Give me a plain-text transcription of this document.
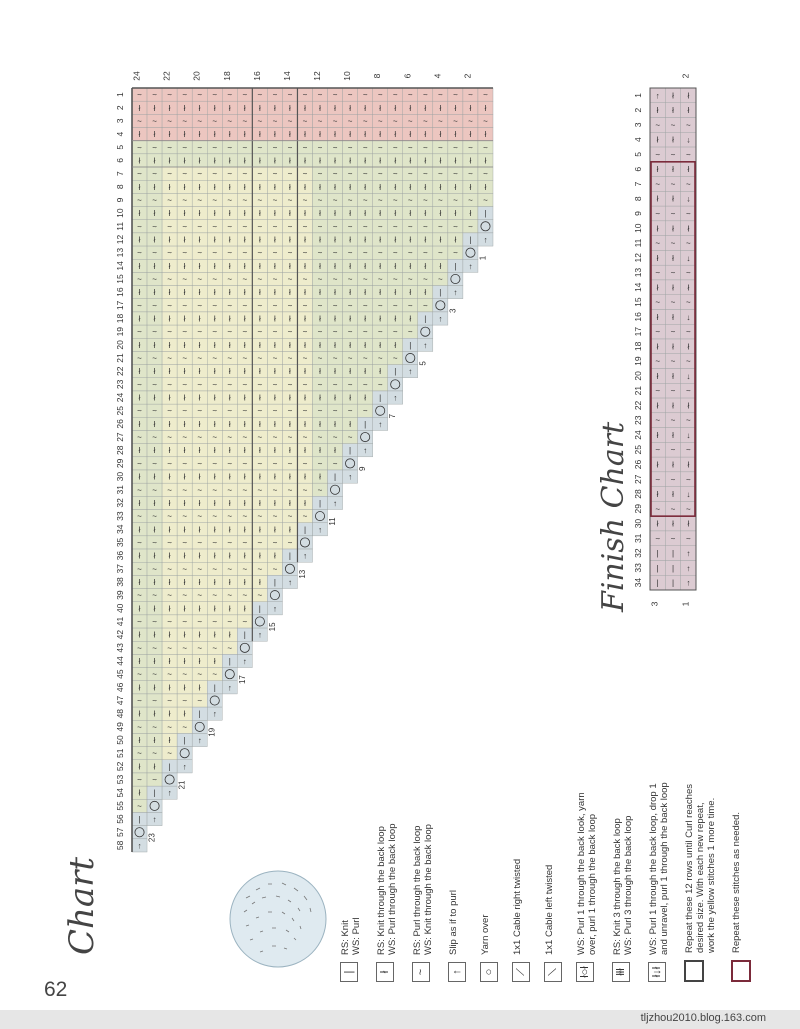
~
ł
~
ł
~
ł
~
ł
~
ł
~
ł
~
ł
~
ł
~
ł
~
ł
~
ł
~
ł
~
ł
~
ł
~
ł
~
ł
~
ł
~
ł
~
ł
~
ł
~
ł
~
ł
~
ł
~
ł
~
ł
~
ł
~
ł
~
|
↑
~
ł
~
ł
~
ł
~
ł
~
ł
~
ł
~
ł
~
ł
~
ł
~
ł
~
ł
~
ł
~
ł
~
ł
~
ł
~
ł
~
ł
~
ł
~
ł
~
ł
~
ł
~
ł
~
ł
~
ł
~
ł
~
ł
~
|
↑
~
ł
~
ł
~
ł
~
ł
~
ł
~
ł
~
ł
~
ł
~
ł
~
ł
~
ł
~
ł
~
ł
~
ł
~
ł
~
ł
~
ł
~
ł
~
ł
~
ł
~
ł
~
ł
~
ł
~
ł
~
ł
~
|
↑
~
ł
~
ł
~
ł
~
ł
~
ł
~
ł
~
ł
~
ł
~
ł
~
ł
~
ł
~
ł
~
ł
~
ł
~
ł
~
ł
~
ł
~
ł
~
ł
~
ł
~
ł
~
ł
~
ł
~
ł
~
|
↑
~
ł
~
ł
~
ł
~
ł
~
ł
~
ł
~
ł
~
ł
~
ł
~
ł
~
ł
~
ł
~
ł
~
ł
~
ł
~
ł
~
ł
~
ł
~
ł
~
ł
~
ł
~
ł
~
ł
~
|
↑
~
ł
~
ł
~
ł
~
ł
~
ł
~
ł
~
ł
~
ł
~
ł
~
ł
~
ł
~
ł
~
ł
~
ł
~
ł
~
ł
~
ł
~
ł
~
ł
~
ł
~
ł
~
ł
~
|
↑
~
ł
~
ł
~
ł
~
ł
~
ł
~
ł
~
ł
~
ł
~
ł
~
ł
~
ł
~
ł
~
ł
~
ł
~
ł
~
ł
~
ł
~
ł
~
ł
~
ł
~
ł
~
|
↑
~
ł
~
ł
~
ł
~
ł
~
ł
~
ł
~
ł
~
ł
~
ł
~
ł
~
ł
~
ł
~
ł
~
ł
~
ł
~
ł
~
ł
~
ł
~
ł
~
ł
~
|
↑
~
ł
~
ł
~
ł
~
ł
~
ł
~
ł
~
ł
~
ł
~
ł
~
ł
~
ł
~
ł
~
ł
~
ł
~
ł
~
ł
~
ł
~
ł
~
ł
~
|
↑
~
ł
~
ł
~
ł
~
ł
~
ł
~
ł
~
ł
~
ł
~
ł
~
ł
~
ł
~
ł
~
ł
~
ł
~
ł
~
ł
~
ł
~
ł
~
|
↑
~
ł
~
ł
~
ł
~
ł
~
ł
~
ł
~
ł
~
ł
~
ł
~
ł
~
ł
~
ł
~
ł
~
ł
~
ł
~
ł
~
ł
~
|
↑
~
ł
~
ł
~
ł
~
ł
~
ł
~
ł
~
ł
~
ł
~
ł
~
ł
~
ł
~
ł
~
ł
~
ł
~
ł
~
ł
~
|
↑
~
ł
~
ł
~
ł
~
ł
~
ł
~
ł
~
ł
~
ł
~
ł
~
ł
~
ł
~
ł
~
ł
~
ł
~
ł
~
|
↑
~
ł
~
ł
~
ł
~
ł
~
ł
~
ł
~
ł
~
ł
~
ł
~
ł
~
ł
~
ł
~
ł
~
ł
~
|
↑
~
ł
~
ł
~
ł
~
ł
~
ł
~
ł
~
ł
~
ł
~
ł
~
ł
~
ł
~
ł
~
ł
~
|
↑
~
ł
~
ł
~
ł
~
ł
~
ł
~
ł
~
ł
~
ł
~
ł
~
ł
~
ł
~
ł
~
|
↑
~
ł
~
ł
~
ł
~
ł
~
ł
~
ł
~
ł
~
ł
~
ł
~
ł
~
ł
~
|
↑
~
ł
~
ł
~
ł
~
ł
~
ł
~
ł
~
ł
~
ł
~
ł
~
ł
~
|
↑
~
ł
~
ł
~
ł
~
ł
~
ł
~
ł
~
ł
~
ł
~
ł
~
|
↑
~
ł
~
ł
~
ł
~
ł
~
ł
~
ł
~
ł
~
ł
~
|
↑
~
ł
~
ł
~
ł
~
ł
~
ł
~
ł
~
ł
~
|
↑
~
ł
~
ł
~
ł
~
ł
~
ł
~
ł
~
|
↑
~
ł
~
ł
~
ł
~
ł
~
ł
~
|
↑
~
ł
~
ł
~
ł
~
ł
~
|
↑
58
57
56
55
54
53
52
51
50
49
48
47
46
45
44
43
42
41
40
39
38
37
36
35
34
33
32
31
30
29
28
27
26
25
24
23
22
21
20
19
18
17
16
15
14
13
12
11
10
9
8
7
6
5
4
3
2
1
24 22 20 18 16 14 12 10 8 6 4 2
1
3
5
7
9
11
13
15
17
19
21
23
↑
ł
~
ł
~
ł
~
ł
~
ł
~
ł
~
ł
~
ł
~
ł
~
ł
~
ł
~
ł
~
ł
~
ł
~
ł
~
|
|
|
ł
ł
~
ł
~
ł
~
ł
~
ł
~
ł
~
ł
~
ł
~
ł
~
ł
~
ł
~
ł
~
ł
~
ł
~
ł
~
|
|
|
ł
ł
~
↓
~
ł
~
↓
~
ł
~
↓
~
ł
~
↓
~
ł
~
↓
~
ł
~
↓
~
ł
~
↓
~
ł
~
↑
↑
↑
34
33
32
31
30
29
28
27
26
25
24
23
22
21
20
19
18
17
16
15
14
13
12
11
10
9
8
7
6
5
4
3
2
1
2
3 1
Chart
Finish Chart
|
RS: Knit
WS: Purl
ł
RS: Knit through the back loop
WS: Purl through the back loop
~
RS: Purl through the back loop
WS: Knit through the back loop
↑
Slip as if to purl
○
Yarn over
⟋
1x1 Cable right twisted
⟍
1x1 Cable left twisted
ł○ł
WS: Purl 1 through the back look, yarn
over, purl 1 through the back loop
łłł
RS: Knit 3 through the back loop
WS: Purl 3 through the back loop
ł↓ł
WS: Purl 1 through the back loop, drop 1
and unravel, purl 1 through the back loop
Repeat these 12 rows until Curl reaches
desired size. With each new repeat,
work the yellow stitches 1 more time.
Repeat these stitches as needed.
62
tljzhou2010.blog.163.com
